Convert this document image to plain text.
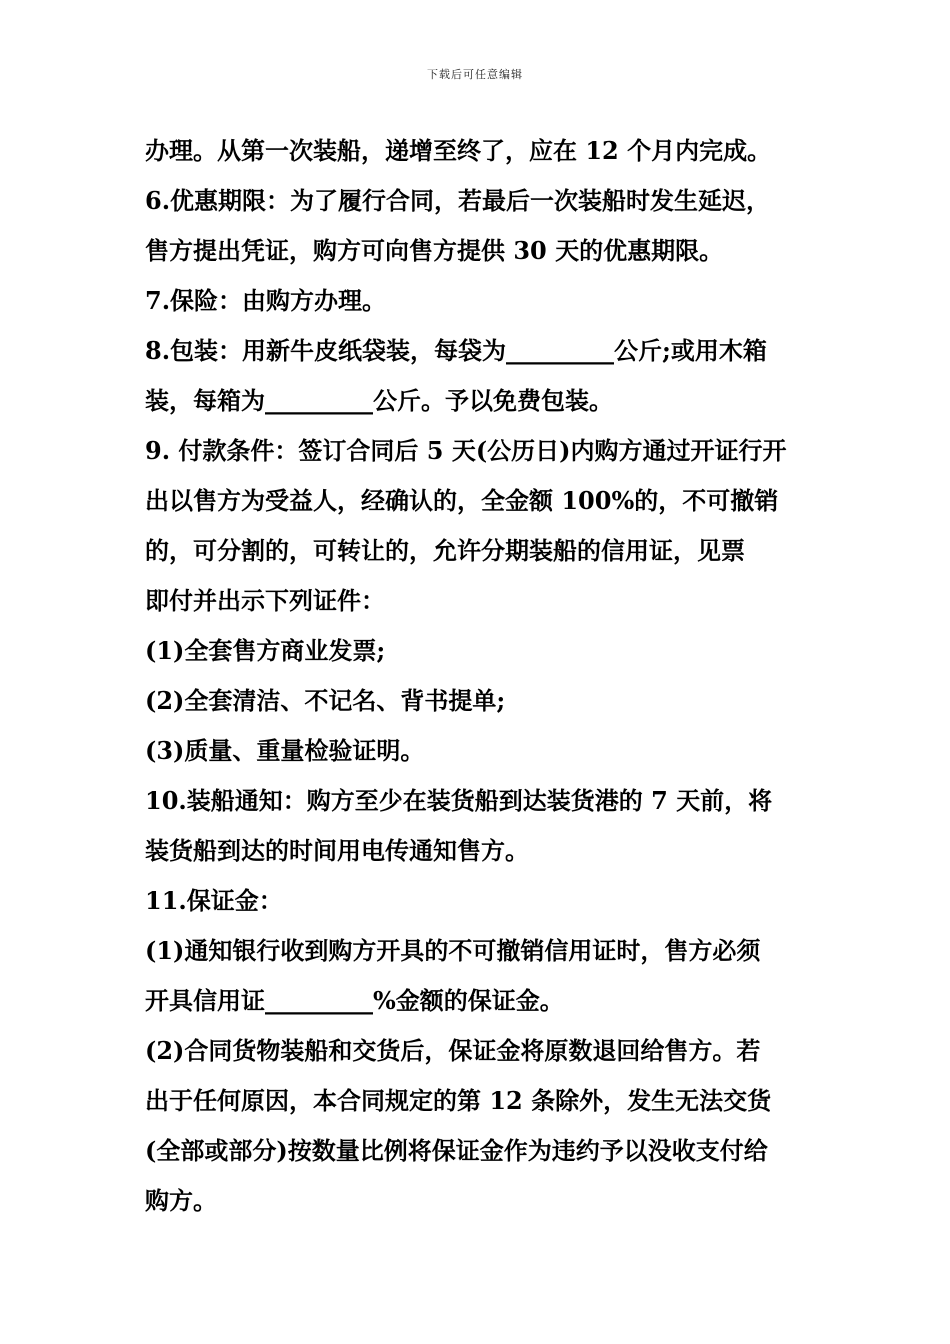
下载后可任意编辑
办理。从第一次装船，递增至终了，应在 12 个月内完成。
6.优惠期限：为了履行合同，若最后一次装船时发生延迟，
售方提出凭证，购方可向售方提供 30 天的优惠期限。
7.保险：由购方办理。
8.包装：用新牛皮纸袋装，每袋为_________公斤;或用木箱
装，每箱为_________公斤。予以免费包装。
9. 付款条件：签订合同后 5 天(公历日)内购方通过开证行开
出以售方为受益人，经确认的，全金额 100%的，不可撤销
的，可分割的，可转让的，允许分期装船的信用证，见票
即付并出示下列证件：
(1)全套售方商业发票;
(2)全套清洁、不记名、背书提单;
(3)质量、重量检验证明。
10.装船通知：购方至少在装货船到达装货港的 7 天前，将
装货船到达的时间用电传通知售方。
11.保证金：
(1)通知银行收到购方开具的不可撤销信用证时，售方必须
开具信用证_________%金额的保证金。
(2)合同货物装船和交货后，保证金将原数退回给售方。若
出于任何原因，本合同规定的第 12 条除外，发生无法交货
(全部或部分)按数量比例将保证金作为违约予以没收支付给
购方。
